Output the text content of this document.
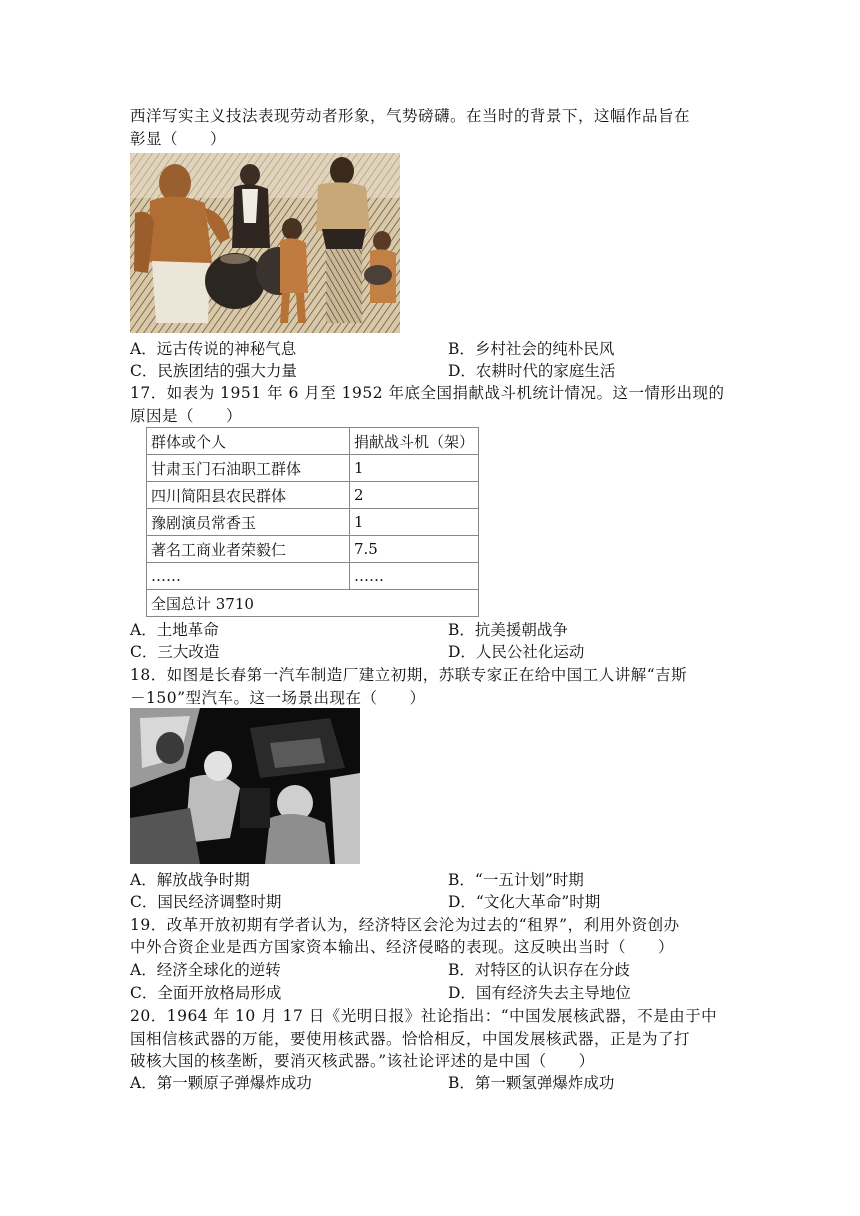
西洋写实主义技法表现劳动者形象，气势磅礴。在当时的背景下，这幅作品旨在
彰显（　　）
A．远古传说的神秘气息	B．乡村社会的纯朴民风
C．民族团结的强大力量	D．农耕时代的家庭生活
17．如表为 1951 年 6 月至 1952 年底全国捐献战斗机统计情况。这一情形出现的
原因是（　　）
群体或个人	捐献战斗机（架）
甘肃玉门石油职工群体	1
四川简阳县农民群体	2
豫剧演员常香玉	1
著名工商业者荣毅仁	7.5
……	……
全国总计 3710	
A．土地革命	B．抗美援朝战争
C．三大改造	D．人民公社化运动
18．如图是长春第一汽车制造厂建立初期，苏联专家正在给中国工人讲解“吉斯
－150”型汽车。这一场景出现在（　　）
A．解放战争时期	B．“一五计划”时期
C．国民经济调整时期	D．“文化大革命”时期
19．改革开放初期有学者认为，经济特区会沦为过去的“租界”，利用外资创办
中外合资企业是西方国家资本输出、经济侵略的表现。这反映出当时（　　）
A．经济全球化的逆转	B．对特区的认识存在分歧
C．全面开放格局形成	D．国有经济失去主导地位
20．1964 年 10 月 17 日《光明日报》社论指出：“中国发展核武器，不是由于中
国相信核武器的万能，要使用核武器。恰恰相反，中国发展核武器，正是为了打
破核大国的核垄断，要消灭核武器。”该社论评述的是中国（　　）
A．第一颗原子弹爆炸成功	B．第一颗氢弹爆炸成功
